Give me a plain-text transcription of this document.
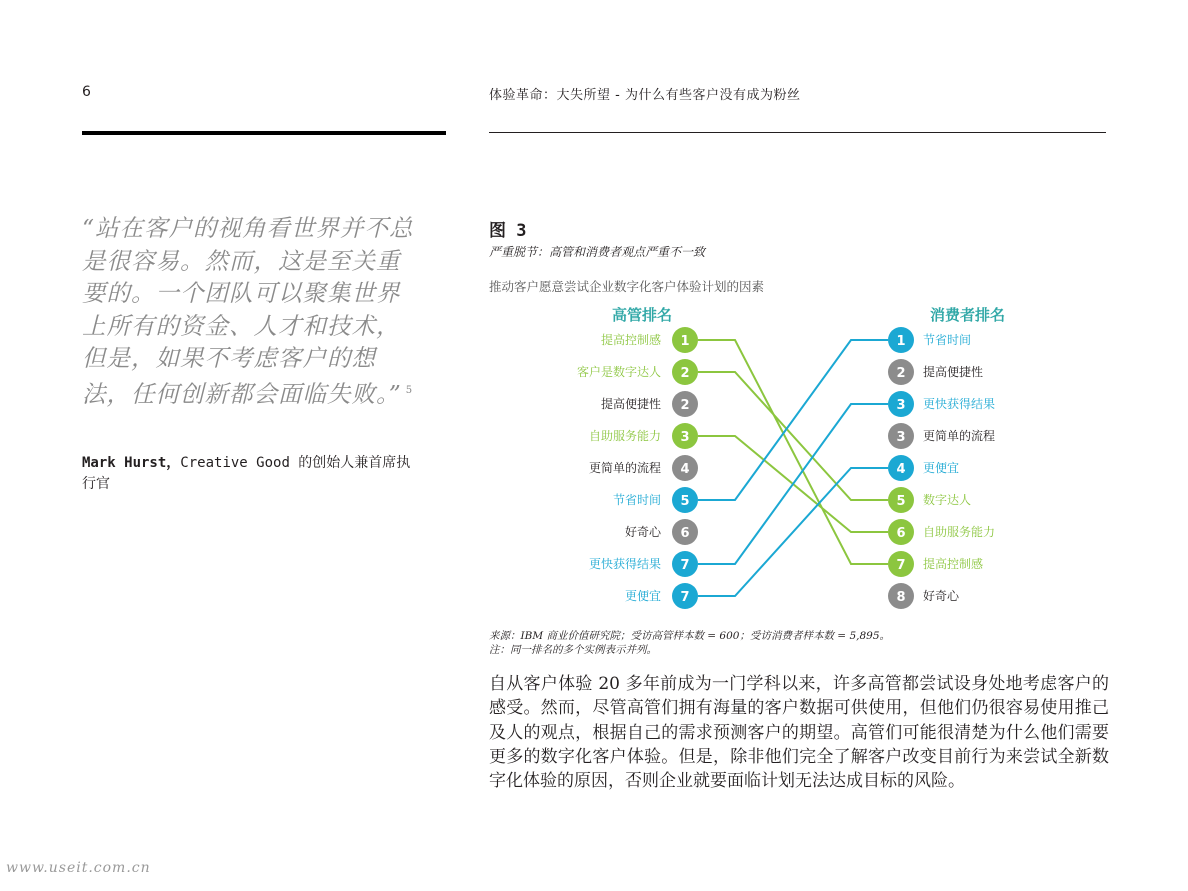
6	体验革命：大失所望 - 为什么有些客户没有成为粉丝
“站在客户的视角看世界并不总是很容易。然而，这是至关重要的。一个团队可以聚集世界上所有的资金、人才和技术，但是，如果不考虑客户的想法，任何创新都会面临失败。” $^5$
Mark Hurst，Creative Good 的创始人兼首席执行官
图 3
严重脱节：高管和消费者观点严重不一致
推动客户愿意尝试企业数字化客户体验计划的因素
高管排名	消费者排名
1
提高控制感
2
客户是数字达人
2
提高便捷性
3
自助服务能力
4
更简单的流程
5
节省时间
6
好奇心
7
更快获得结果
7
更便宜
1 节省时间
2 提高便捷性
3 更快获得结果
3 更简单的流程
4 更便宜
5 数字达人
6 自助服务能力
7 提高控制感
8 好奇心
来源：IBM 商业价值研究院；受访高管样本数 = 600；受访消费者样本数 = 5,895。
注：同一排名的多个实例表示并列。
自从客户体验 20 多年前成为一门学科以来，许多高管都尝试设身处地考虑客户的感受。然而，尽管高管们拥有海量的客户数据可供使用，但他们仍很容易使用推己及人的观点，根据自己的需求预测客户的期望。高管们可能很清楚为什么他们需要更多的数字化客户体验。但是，除非他们完全了解客户改变目前行为来尝试全新数字化体验的原因，否则企业就要面临计划无法达成目标的风险。
www.useit.com.cn
